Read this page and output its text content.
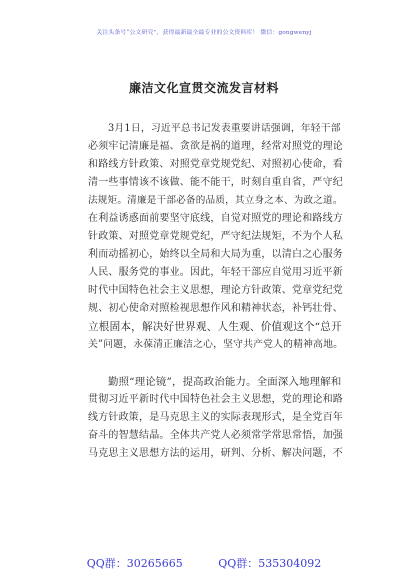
关注头条号“公文研究”，获得最新最全最专业的公文资料库！ 微信：gongwenyj
廉洁文化宣贯交流发言材料
3月1日，习近平总书记发表重要讲话强调，年轻干部
必须牢记清廉是福、贪欲是祸的道理，经常对照党的理论
和路线方针政策、对照党章党规党纪、对照初心使命，看
清一些事情该不该做、能不能干，时刻自重自省，严守纪
法规矩。清廉是干部必备的品质，其立身之本、为政之道。
在利益诱惑面前要坚守底线，自觉对照党的理论和路线方
针政策、对照党章党规党纪，严守纪法规矩，不为个人私
利而动摇初心，始终以全局和大局为重，以清白之心服务
人民、服务党的事业。因此，年轻干部应自觉用习近平新
时代中国特色社会主义思想，理论方针政策、党章党纪党
规、初心使命对照检视思想作风和精神状态，补钙壮骨、
立根固本，解决好世界观、人生观、价值观这个“总开
关”问题，永葆清正廉洁之心，坚守共产党人的精神高地。
勤照“理论镜”，提高政治能力。全面深入地理解和
贯彻习近平新时代中国特色社会主义思想，党的理论和路
线方针政策，是马克思主义的实际表现形式，是全党百年
奋斗的智慧结晶。全体共产党人必须常学常思常悟，加强
马克思主义思想方法的运用，研判、分析、解决问题，不
QQ群：30265665	QQ群：535304092
